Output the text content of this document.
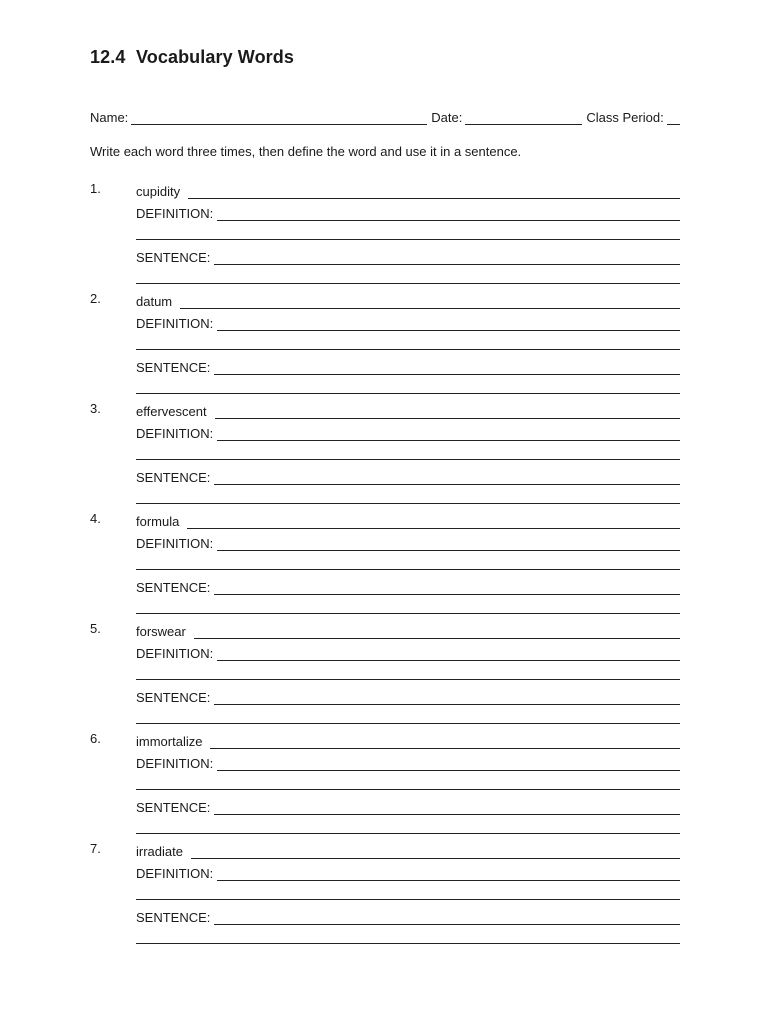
12.4 Vocabulary Words
Name:	Date:	Class Period:
Write each word three times, then define the word and use it in a sentence.
1.	cupidity
DEFINITION:
SENTENCE:
2.	datum
DEFINITION:
SENTENCE:
3.	effervescent
DEFINITION:
SENTENCE:
4.	formula
DEFINITION:
SENTENCE:
5.	forswear
DEFINITION:
SENTENCE:
6.	immortalize
DEFINITION:
SENTENCE:
7.	irradiate
DEFINITION:
SENTENCE:
